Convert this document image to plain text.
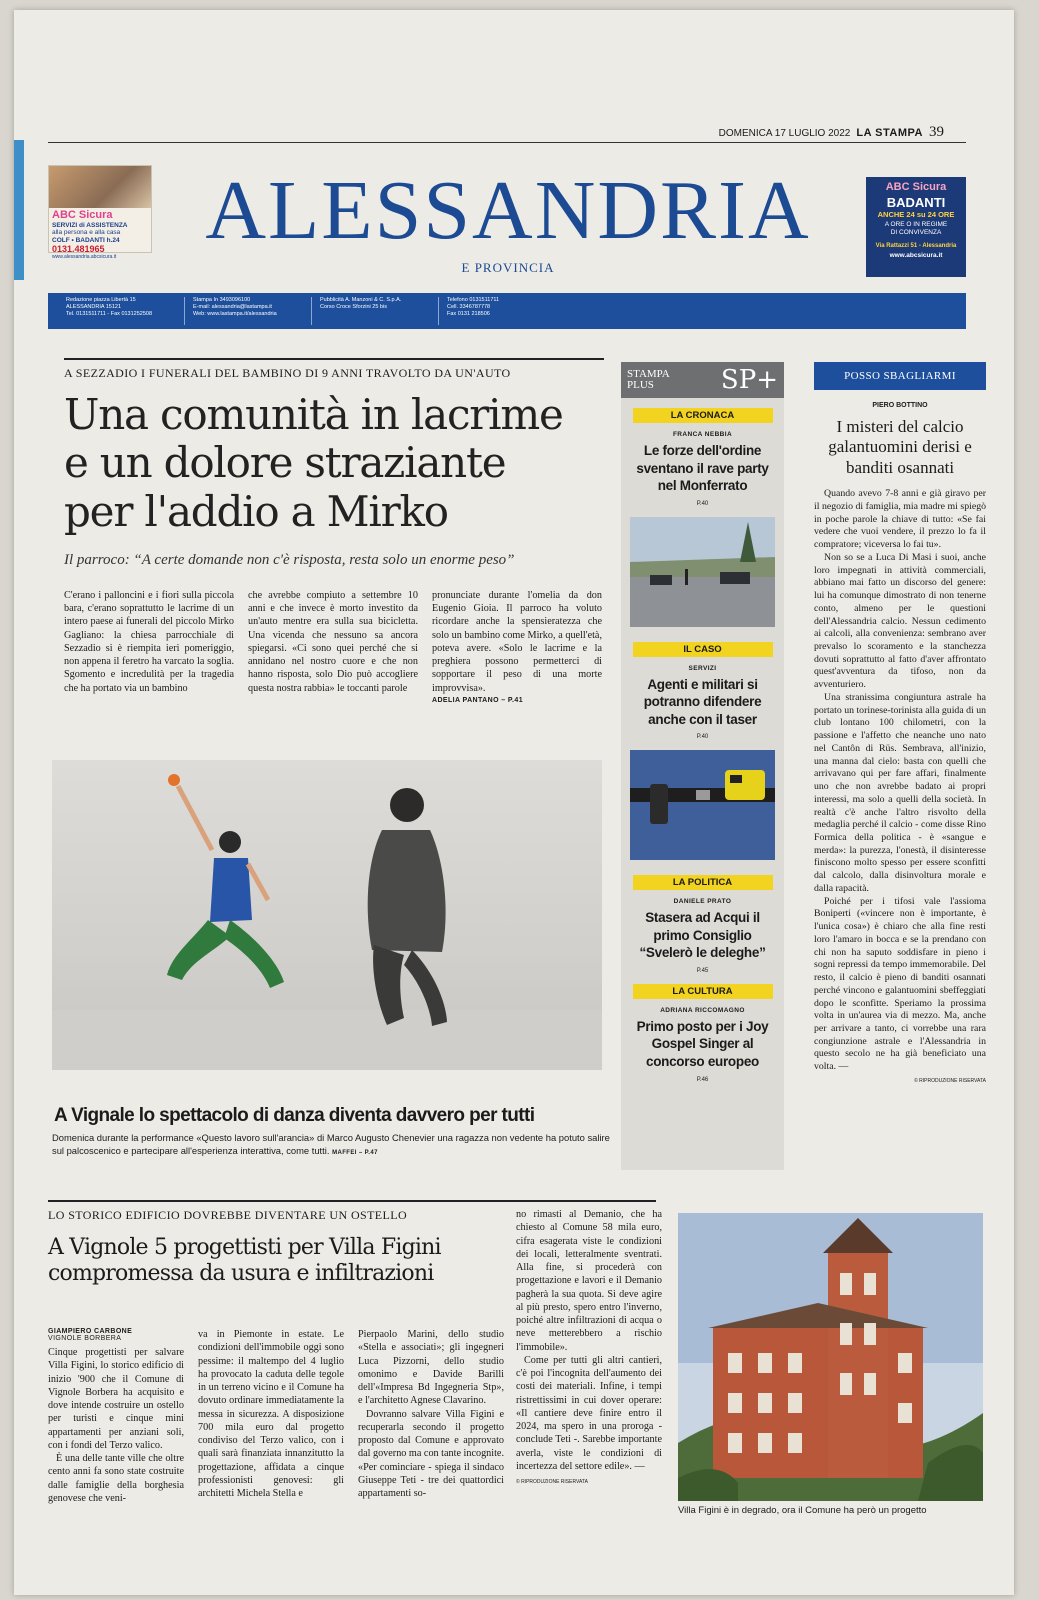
DOMENICA 17 LUGLIO 2022 LA STAMPA 39
ABC Sicura
SERVIZI di ASSISTENZA
alla persona e alla casa
COLF • BADANTI h.24
0131.481965
www.alessandria.abcsicura.it	ALESSANDRIA
E PROVINCIA
ABC Sicura
BADANTI
ANCHE 24 su 24 ORE
A ORE O IN REGIME
DI CONVIVENZA
Via Rattazzi 51 - Alessandria
www.abcsicura.it
Redazione piazza Libertà 15
ALESSANDRIA 15121
Tel. 0131511711 - Fax 0131252508
Stampa In 3493096100
E-mail: alessandria@lastampa.it
Web: www.lastampa.it/alessandria
Pubblicità A. Manzoni & C. S.p.A.
Corso Croce Sforzini 25 bis
Telefono 0131511711
Cell. 3346787778
Fax 0131 218506
A SEZZADIO I FUNERALI DEL BAMBINO DI 9 ANNI TRAVOLTO DA UN'AUTO
Una comunità in lacrime
e un dolore straziante
per l'addio a Mirko
Il parroco: “A certe domande non c'è risposta, resta solo un enorme peso”
C'erano i palloncini e i fiori sulla piccola bara, c'erano soprattutto le lacrime di un intero paese ai funerali del piccolo Mirko Gagliano: la chiesa parrocchiale di Sezzadio si è riempita ieri pomeriggio, non appena il feretro ha varcato la soglia. Sgomento e incredulità per la tragedia che ha portato via un bambino
che avrebbe compiuto a settembre 10 anni e che invece è morto investito da un'auto mentre era sulla sua bicicletta. Una vicenda che nessuno sa ancora spiegarsi. «Ci sono quei perché che si annidano nel nostro cuore e che non hanno risposta, solo Dio può accogliere questa nostra rabbia» le toccanti parole
pronunciate durante l'omelia da don Eugenio Gioia. Il parroco ha voluto ricordare anche la spensieratezza che solo un bambino come Mirko, a quell'età, poteva avere. «Solo le lacrime e la preghiera possono permetterci di sopportare il peso di una morte improvvisa».
ADELIA PANTANO – P.41
A Vignale lo spettacolo di danza diventa davvero per tutti
Domenica durante la performance «Questo lavoro sull'arancia» di Marco Augusto Chenevier una ragazza non vedente ha potuto salire sul palcoscenico e partecipare all'esperienza interattiva, come tutti. MAFFEI – P.47
STAMPA
PLUS	SP+
LA CRONACA
FRANCA NEBBIA
Le forze dell'ordine sventano il rave party nel Monferrato
P.40
IL CASO
SERVIZI
Agenti e militari si potranno difendere anche con il taser
P.40
LA POLITICA
DANIELE PRATO
Stasera ad Acqui il primo Consiglio “Svelerò le deleghe”
P.45
LA CULTURA
ADRIANA RICCOMAGNO
Primo posto per i Joy Gospel Singer al concorso europeo
P.46
POSSO SBAGLIARMI
PIERO BOTTINO
I misteri del calcio galantuomini derisi e banditi osannati

Quando avevo 7-8 anni e già giravo per il negozio di famiglia, mia madre mi spiegò in poche parole la chiave di tutto: «Se fai vedere che vuoi vendere, il prezzo lo fa il compratore; viceversa lo fai tu».

Non so se a Luca Di Masi i suoi, anche loro impegnati in attività commerciali, abbiano mai fatto un discorso del genere: lui ha comunque dimostrato di non tenerne conto, almeno per le questioni dell'Alessandria calcio. Nessun cedimento ai calcoli, alla convenienza: sembrano aver prevalso lo scoramento e la stanchezza dovuti soprattutto al fatto d'aver affrontato quest'avventura da tifoso, non da avventuriero.

Una stranissima congiuntura astrale ha portato un torinese-torinista alla guida di un club lontano 100 chilometri, con la passione e l'affetto che neanche uno nato nel Cantôn di Rüs. Sembrava, all'inizio, una manna dal cielo: basta con quelli che arrivavano qui per fare affari, finalmente uno che non avrebbe badato ai propri interessi, ma solo a quelli della società. In realtà c'è anche l'altro risvolto della medaglia perché il calcio - come disse Rino Formica della politica - è «sangue e merda»: la purezza, l'onestà, il disinteresse finiscono molto spesso per essere sconfitti dal calcolo, dalla disinvoltura morale e dalla rapacità.

Poiché per i tifosi vale l'assioma Boniperti («vincere non è importante, è l'unica cosa») è chiaro che alla fine resti loro l'amaro in bocca e se la prendano con chi non ha saputo soddisfare in pieno i sogni repressi da tempo immemorabile. Del resto, il calcio è pieno di banditi osannati perché vincono e galantuomini sbeffeggiati dopo le sconfitte. Speriamo la prossima volta in un'aurea via di mezzo. Ma, anche per arrivare a tanto, ci vorrebbe una rara congiunzione astrale e l'Alessandria in questo secolo ne ha già beneficiato una volta. —

© RIPRODUZIONE RISERVATA
LO STORICO EDIFICIO DOVREBBE DIVENTARE UN OSTELLO
A Vignole 5 progettisti per Villa Figini
compromessa da usura e infiltrazioni
GIAMPIERO CARBONE
VIGNOLE BORBERA
Cinque progettisti per salvare Villa Figini, lo storico edificio di inizio '900 che il Comune di Vignole Borbera ha acquisito e dove intende costruire un ostello per turisti e cinque mini appartamenti per anziani soli, con i fondi del Terzo valico.
È una delle tante ville che oltre cento anni fa sono state costruite dalle famiglie della borghesia genovese che veni-
va in Piemonte in estate. Le condizioni dell'immobile oggi sono pessime: il maltempo del 4 luglio ha provocato la caduta delle tegole in un terreno vicino e il Comune ha dovuto ordinare immediatamente la messa in sicurezza. A disposizione 700 mila euro dal progetto condiviso del Terzo valico, con i quali sarà finanziata innanzitutto la progettazione, affidata a cinque professionisti genovesi: gli architetti Michela Stella e
Pierpaolo Marini, dello studio «Stella e associati»; gli ingegneri Luca Pizzorni, dello studio omonimo e Davide Barilli dell'«Impresa Bd Ingegneria Stp», e l'architetto Agnese Clavarino.
Dovranno salvare Villa Figini e recuperarla secondo il progetto proposto dal Comune e approvato dal governo ma con tante incognite. «Per cominciare - spiega il sindaco Giuseppe Teti - tre dei quattordici appartamenti so-
no rimasti al Demanio, che ha chiesto al Comune 58 mila euro, cifra esagerata viste le condizioni dei locali, letteralmente sventrati. Alla fine, si procederà con progettazione e lavori e il Demanio pagherà la sua quota. Si deve agire al più presto, spero entro l'inverno, poiché altre infiltrazioni di acqua o neve metterebbero a rischio l'immobile».
Come per tutti gli altri cantieri, c'è poi l'incognita dell'aumento dei costi dei materiali. Infine, i tempi ristrettissimi in cui dover operare: «Il cantiere deve finire entro il 2024, ma spero in una proroga - conclude Teti -. Sarebbe importante averla, viste le condizioni di incertezza del settore edile». —
© RIPRODUZIONE RISERVATA
Villa Figini è in degrado, ora il Comune ha però un progetto
